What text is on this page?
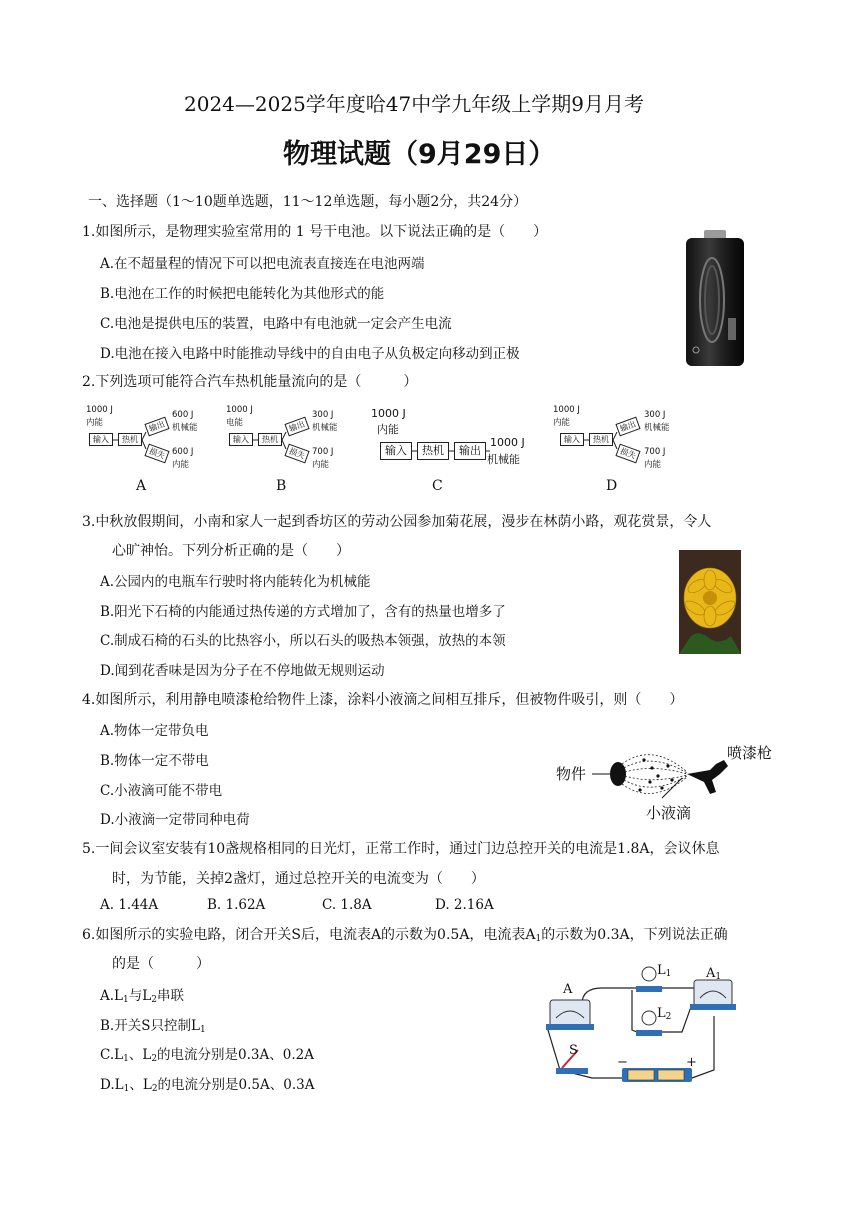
2024—2025学年度哈47中学九年级上学期9月月考
物理试题（9月29日）
一、选择题（1～10题单选题，11～12单选题，每小题2分，共24分）
1.如图所示，是物理实验室常用的 1 号干电池。以下说法正确的是（　　）
A.在不超量程的情况下可以把电流表直接连在电池两端
B.电池在工作的时候把电能转化为其他形式的能
C.电池是提供电压的装置，电路中有电池就一定会产生电流
D.电池在接入电路中时能推动导线中的自由电子从负极定向移动到正极
2.下列选项可能符合汽车热机能量流向的是（　　　）
1000 J
内能
输入	热机
输出
损失
600 J
机械能
600 J
内能
A
1000 J
电能
输入	热机
输出
损失
300 J
机械能
700 J
内能
B
1000 J
内能
输入	热机	输出
1000 J
机械能
C
1000 J
内能
输入	热机
输出
损失
300 J
机械能
700 J
内能
D
3.中秋放假期间，小南和家人一起到香坊区的劳动公园参加菊花展，漫步在林荫小路，观花赏景，令人
心旷神怡。下列分析正确的是（　　）
A.公园内的电瓶车行驶时将内能转化为机械能
B.阳光下石椅的内能通过热传递的方式增加了，含有的热量也增多了
C.制成石椅的石头的比热容小，所以石头的吸热本领强，放热的本领
D.闻到花香味是因为分子在不停地做无规则运动
4.如图所示，利用静电喷漆枪给物件上漆，涂料小液滴之间相互排斥，但被物件吸引，则（　　）
A.物体一定带负电
B.物体一定不带电
C.小液滴可能不带电
D.小液滴一定带同种电荷
物件
喷漆枪
小液滴
5.一间会议室安装有10盏规格相同的日光灯，正常工作时，通过门边总控开关的电流是1.8A，会议休息
时，为节能，关掉2盏灯，通过总控开关的电流变为（　　）
A. 1.44A	B. 1.62A	C. 1.8A	D. 2.16A
6.如图所示的实验电路，闭合开关S后，电流表A的示数为0.5A，电流表$A_1$的示数为0.3A，下列说法正确
的是（　　　）
$A.L_1$与$L_2$串联
B.开关S只控制$L_1$
$C.L_1$、$L_2$的电流分别是0.3A、0.2A
$D.L_1$、$L_2$的电流分别是0.5A、0.3A
A
$A_1$
$L_1$
$L_2$
S
−	+
